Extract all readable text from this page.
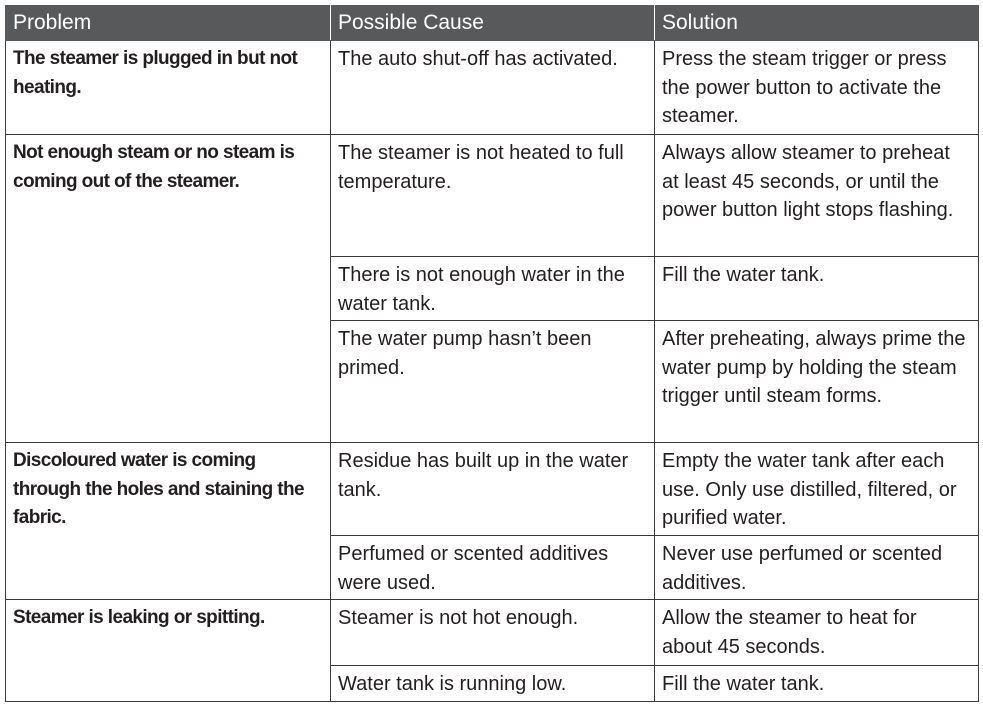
Problem	Possible Cause	Solution
The steamer is plugged in but not heating.	The auto shut-off has activated.	Press the steam trigger or press the power button to activate the steamer.
Not enough steam or no steam is coming out of the steamer.	The steamer is not heated to full temperature.	Always allow steamer to preheat at least 45 seconds, or until the power button light stops flashing.
	There is not enough water in the water tank.	Fill the water tank.
	The water pump hasn’t been primed.	After preheating, always prime the water pump by holding the steam trigger until steam forms.
Discoloured water is coming through the holes and staining the fabric.	Residue has built up in the water tank.	Empty the water tank after each use. Only use distilled, filtered, or purified water.
	Perfumed or scented additives were used.	Never use perfumed or scented additives.
Steamer is leaking or spitting.	Steamer is not hot enough.	Allow the steamer to heat for about 45 seconds.
	Water tank is running low.	Fill the water tank.
